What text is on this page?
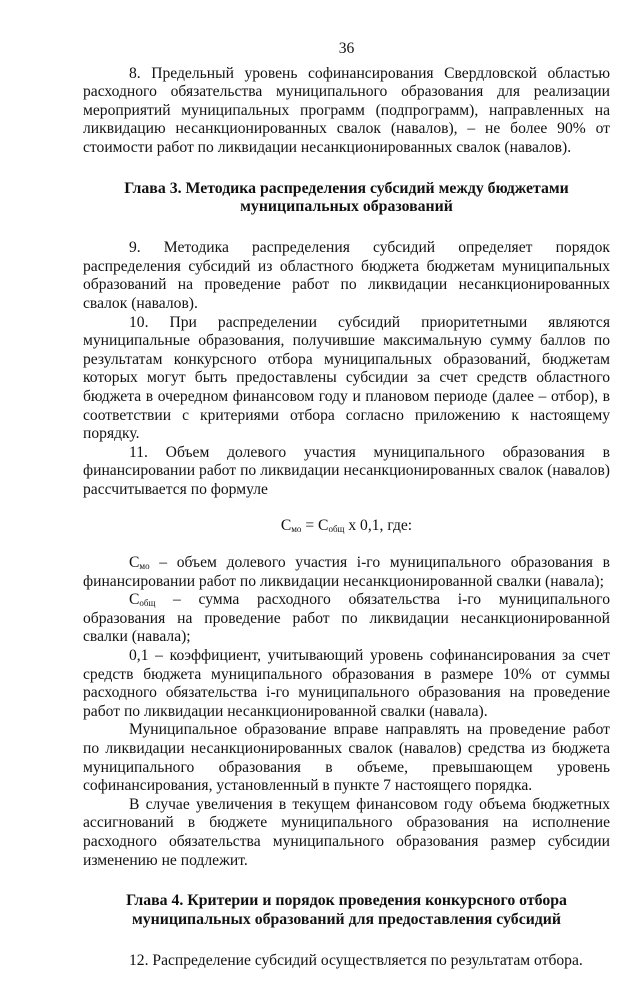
36

8. Предельный уровень софинансирования Свердловской областью расходного обязательства муниципального образования для реализации мероприятий муниципальных программ (подпрограмм), направленных на ликвидацию несанкционированных свалок (навалов), – не более 90% от стоимости работ по ликвидации несанкционированных свалок (навалов).

Глава 3. Методика распределения субсидий между бюджетами
муниципальных образований

9. Методика распределения субсидий определяет порядок распределения субсидий из областного бюджета бюджетам муниципальных образований на проведение работ по ликвидации несанкционированных свалок (навалов).

10. При распределении субсидий приоритетными являются муниципальные образования, получившие максимальную сумму баллов по результатам конкурсного отбора муниципальных образований, бюджетам которых могут быть предоставлены субсидии за счет средств областного бюджета в очередном финансовом году и плановом периоде (далее – отбор), в соответствии с критериями отбора согласно приложению к настоящему порядку.

11. Объем долевого участия муниципального образования в финансировании работ по ликвидации несанкционированных свалок (навалов) рассчитывается по формуле

$С_{мо} = С_{общ}$ х 0,1, где:

$С_{мо}$ – объем долевого участия i-го муниципального образования в финансировании работ по ликвидации несанкционированной свалки (навала);

$С_{общ}$ – сумма расходного обязательства i-го муниципального образования на проведение работ по ликвидации несанкционированной свалки (навала);

0,1 – коэффициент, учитывающий уровень софинансирования за счет средств бюджета муниципального образования в размере 10% от суммы расходного обязательства i-го муниципального образования на проведение работ по ликвидации несанкционированной свалки (навала).

Муниципальное образование вправе направлять на проведение работ по ликвидации несанкционированных свалок (навалов) средства из бюджета муниципального образования в объеме, превышающем уровень софинансирования, установленный в пункте 7 настоящего порядка.

В случае увеличения в текущем финансовом году объема бюджетных ассигнований в бюджете муниципального образования на исполнение расходного обязательства муниципального образования размер субсидии изменению не подлежит.

Глава 4. Критерии и порядок проведения конкурсного отбора
муниципальных образований для предоставления субсидий

12. Распределение субсидий осуществляется по результатам отбора.
